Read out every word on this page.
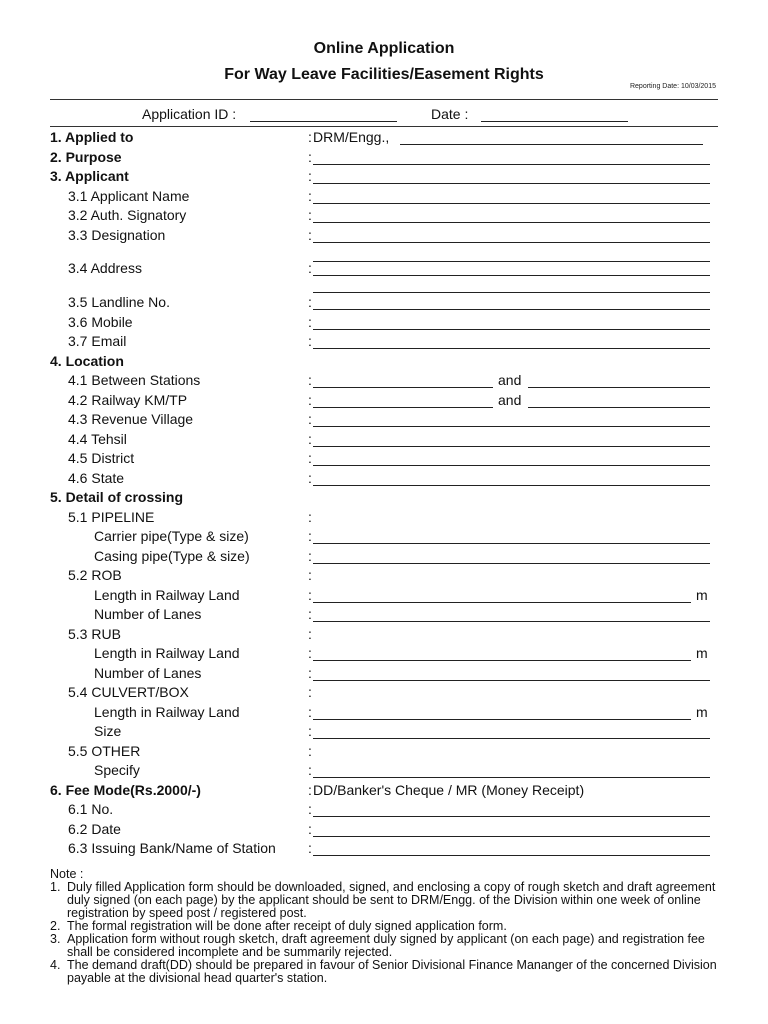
Online Application
For Way Leave Facilities/Easement Rights
Reporting Date: 10/03/2015
Application ID :	Date :
1. Applied to	: DRM/Engg.,
2. Purpose	:
3. Applicant	:
3.1 Applicant Name	:
3.2 Auth. Signatory	:
3.3 Designation	:
3.4 Address	:
3.5 Landline No.	:
3.6 Mobile	:
3.7 Email	:
4. Location
4.1 Between Stations	:	and
4.2 Railway KM/TP	:	and
4.3 Revenue Village	:
4.4 Tehsil	:
4.5 District	:
4.6 State	:
5. Detail of crossing
5.1 PIPELINE	:
Carrier pipe(Type & size)	:
Casing pipe(Type & size)	:
5.2 ROB	:
Length in Railway Land	:	m
Number of Lanes	:
5.3 RUB	:
Length in Railway Land	:	m
Number of Lanes	:
5.4 CULVERT/BOX	:
Length in Railway Land	:	m
Size	:
5.5 OTHER	:
Specify	:
6. Fee Mode(Rs.2000/-)	: DD/Banker's Cheque / MR (Money Receipt)
6.1 No.	:
6.2 Date	:
6.3 Issuing Bank/Name of Station :

Note :

1. Duly filled Application form should be downloaded, signed, and enclosing a copy of rough sketch and draft agreement duly signed (on each page) by the applicant should be sent to DRM/Engg. of the Division within one week of online registration by speed post / registered post.

2. The formal registration will be done after receipt of duly signed application form.

3. Application form without rough sketch, draft agreement duly signed by applicant (on each page) and registration fee shall be considered incomplete and be summarily rejected.

4. The demand draft(DD) should be prepared in favour of Senior Divisional Finance Mananger of the concerned Division payable at the divisional head quarter's station.
